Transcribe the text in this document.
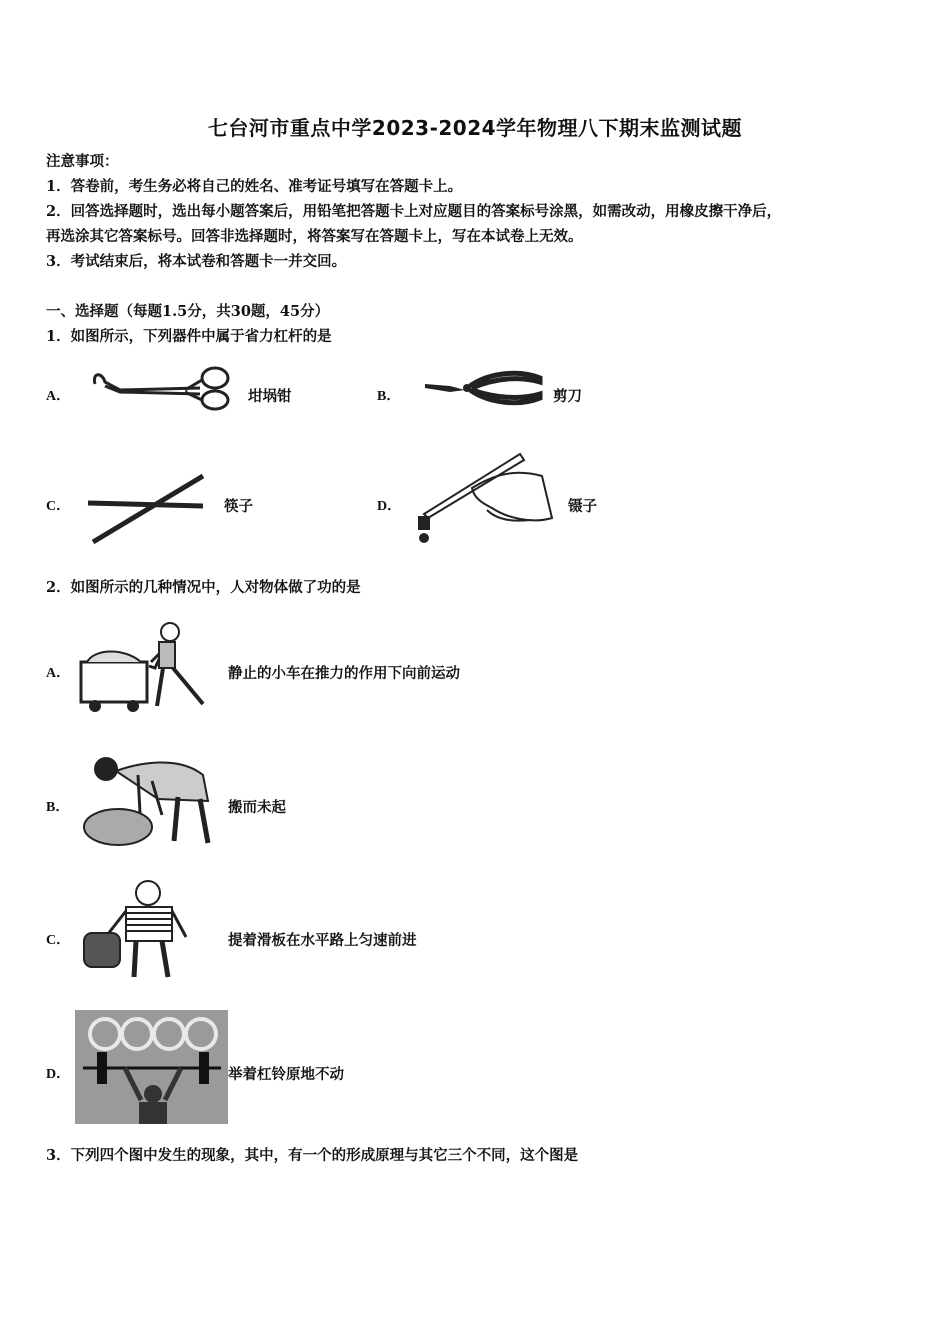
七台河市重点中学2023-2024学年物理八下期末监测试题
注意事项：
1．答卷前，考生务必将自己的姓名、准考证号填写在答题卡上。
2．回答选择题时，选出每小题答案后，用铅笔把答题卡上对应题目的答案标号涂黑，如需改动，用橡皮擦干净后，
再选涂其它答案标号。回答非选择题时，将答案写在答题卡上，写在本试卷上无效。
3．考试结束后，将本试卷和答题卡一并交回。
一、选择题（每题1.5分，共30题，45分）
1．如图所示，下列器件中属于省力杠杆的是
A．	坩埚钳	B．	剪刀
C．	筷子	D．	镊子
2．如图所示的几种情况中，人对物体做了功的是
A．	静止的小车在推力的作用下向前运动
B．	搬而未起
C．	提着滑板在水平路上匀速前进
D．	举着杠铃原地不动
3．下列四个图中发生的现象，其中，有一个的形成原理与其它三个不同，这个图是
